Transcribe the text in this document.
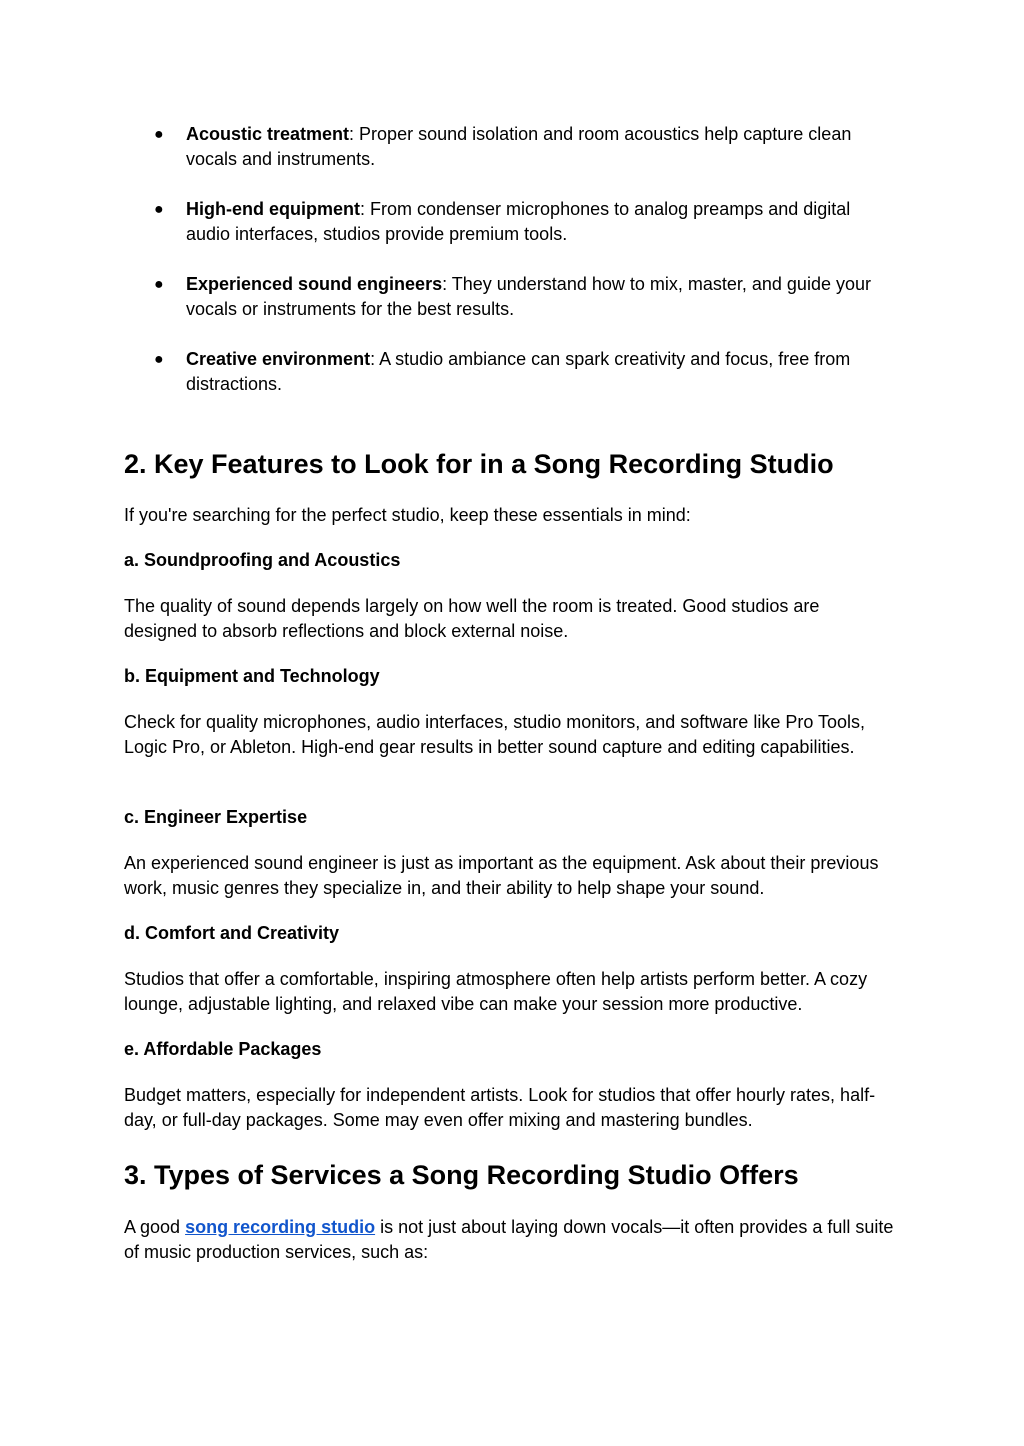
● Acoustic treatment: Proper sound isolation and room acoustics help capture clean vocals and instruments.
● High-end equipment: From condenser microphones to analog preamps and digital audio interfaces, studios provide premium tools.
● Experienced sound engineers: They understand how to mix, master, and guide your vocals or instruments for the best results.
● Creative environment: A studio ambiance can spark creativity and focus, free from distractions.
2. Key Features to Look for in a Song Recording Studio

If you're searching for the perfect studio, keep these essentials in mind:

a. Soundproofing and Acoustics

The quality of sound depends largely on how well the room is treated. Good studios are designed to absorb reflections and block external noise.

b. Equipment and Technology

Check for quality microphones, audio interfaces, studio monitors, and software like Pro Tools, Logic Pro, or Ableton. High-end gear results in better sound capture and editing capabilities.

c. Engineer Expertise

An experienced sound engineer is just as important as the equipment. Ask about their previous work, music genres they specialize in, and their ability to help shape your sound.

d. Comfort and Creativity

Studios that offer a comfortable, inspiring atmosphere often help artists perform better. A cozy lounge, adjustable lighting, and relaxed vibe can make your session more productive.

e. Affordable Packages

Budget matters, especially for independent artists. Look for studios that offer hourly rates, half-day, or full-day packages. Some may even offer mixing and mastering bundles.

3. Types of Services a Song Recording Studio Offers

A good song recording studio is not just about laying down vocals—it often provides a full suite of music production services, such as:
